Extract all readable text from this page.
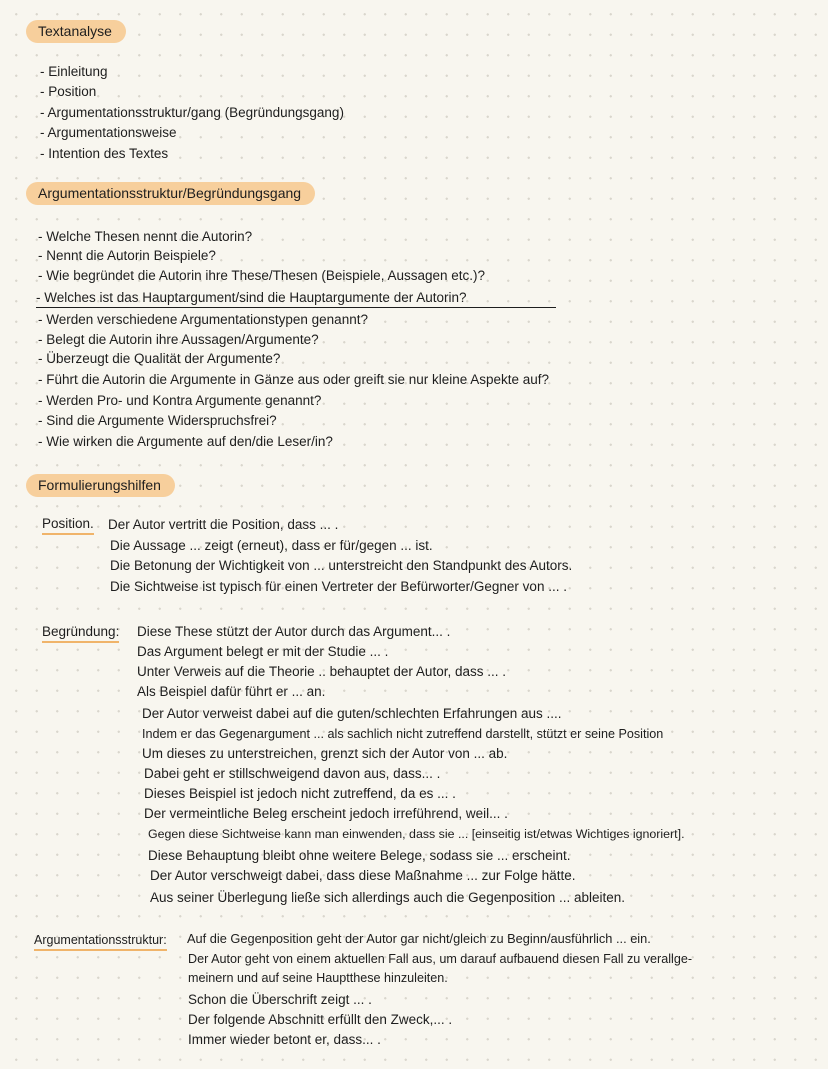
Textanalyse
- Einleitung
- Position
- Argumentationsstruktur/gang (Begründungsgang)
- Argumentationsweise
- Intention des Textes
Argumentationsstruktur/Begründungsgang
- Welche Thesen nennt die Autorin?
- Nennt die Autorin Beispiele?
- Wie begründet die Autorin ihre These/Thesen (Beispiele, Aussagen etc.)?
- Welches ist das Hauptargument/sind die Hauptargumente der Autorin?
- Werden verschiedene Argumentationstypen genannt?
- Belegt die Autorin ihre Aussagen/Argumente?
- Überzeugt die Qualität der Argumente?
- Führt die Autorin die Argumente in Gänze aus oder greift sie nur kleine Aspekte auf?
- Werden Pro- und Kontra Argumente genannt?
- Sind die Argumente Widerspruchsfrei?
- Wie wirken die Argumente auf den/die Leser/in?
Formulierungshilfen
Position. Der Autor vertritt die Position, dass ... .
Die Aussage ... zeigt (erneut), dass er für/gegen ... ist.
Die Betonung der Wichtigkeit von ... unterstreicht den Standpunkt des Autors.
Die Sichtweise ist typisch für einen Vertreter der Befürworter/Gegner von ... .
Begründung: Diese These stützt der Autor durch das Argument... .
Das Argument belegt er mit der Studie ... .
Unter Verweis auf die Theorie .. behauptet der Autor, dass ... .
Als Beispiel dafür führt er ... an.
Der Autor verweist dabei auf die guten/schlechten Erfahrungen aus ....
Indem er das Gegenargument ... als sachlich nicht zutreffend darstellt, stützt er seine Position
Um dieses zu unterstreichen, grenzt sich der Autor von ... ab.
Dabei geht er stillschweigend davon aus, dass... .
Dieses Beispiel ist jedoch nicht zutreffend, da es ... .
Der vermeintliche Beleg erscheint jedoch irreführend, weil... .
Gegen diese Sichtweise kann man einwenden, dass sie ... [einseitig ist/etwas Wichtiges ignoriert].
Diese Behauptung bleibt ohne weitere Belege, sodass sie ... erscheint.
Der Autor verschweigt dabei, dass diese Maßnahme ... zur Folge hätte.
Aus seiner Überlegung ließe sich allerdings auch die Gegenposition ... ableiten.
Argumentationsstruktur: Auf die Gegenposition geht der Autor gar nicht/gleich zu Beginn/ausführlich ... ein.
Der Autor geht von einem aktuellen Fall aus, um darauf aufbauend diesen Fall zu verallge-
meinern und auf seine Hauptthese hinzuleiten.
Schon die Überschrift zeigt ... .
Der folgende Abschnitt erfüllt den Zweck,... .
Immer wieder betont er, dass... .
